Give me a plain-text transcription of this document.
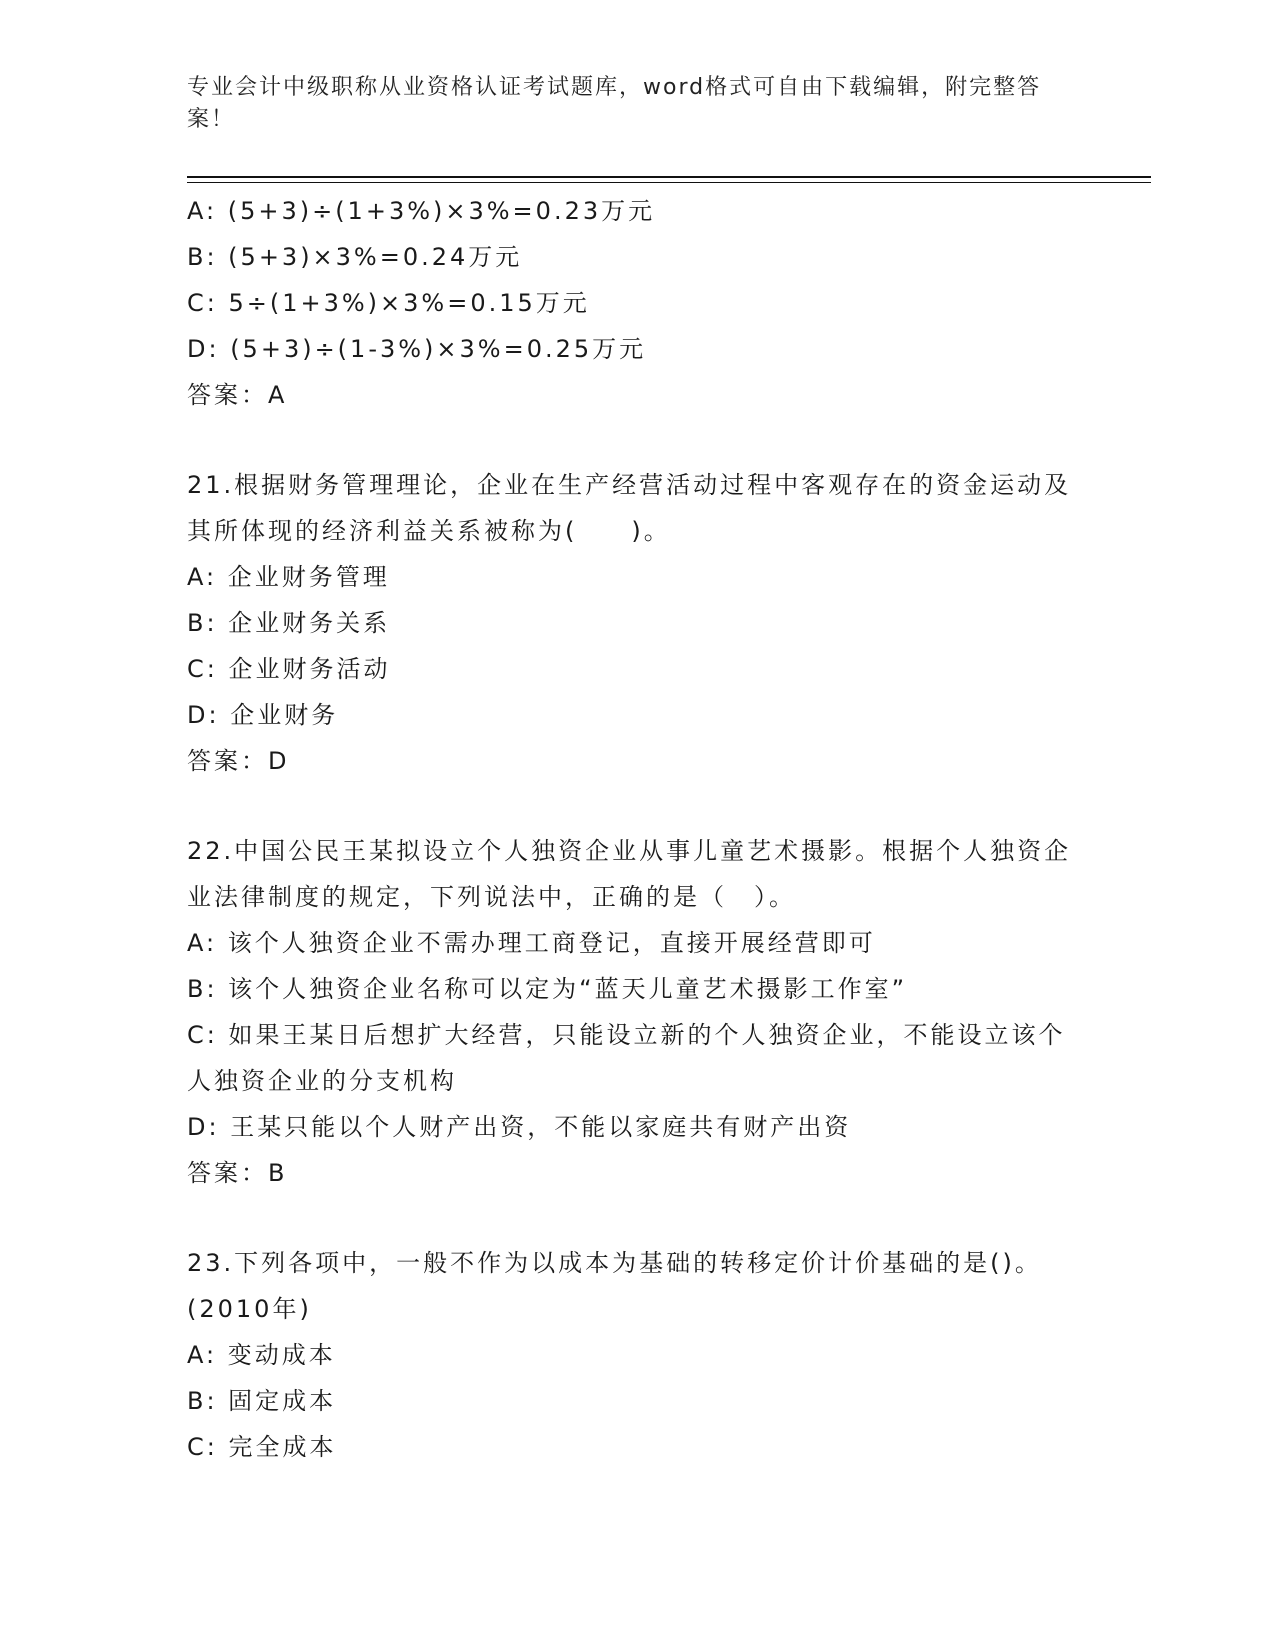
专业会计中级职称从业资格认证考试题库，word格式可自由下载编辑，附完整答案！
A: (5+3)÷(1+3%)×3%=0.23万元
B: (5+3)×3%=0.24万元
C: 5÷(1+3%)×3%=0.15万元
D: (5+3)÷(1-3%)×3%=0.25万元
答案：A
21.根据财务管理理论，企业在生产经营活动过程中客观存在的资金运动及其所体现的经济利益关系被称为(　　)。
A: 企业财务管理
B: 企业财务关系
C: 企业财务活动
D: 企业财务
答案：D
22.中国公民王某拟设立个人独资企业从事儿童艺术摄影。根据个人独资企业法律制度的规定，下列说法中，正确的是（　）。
A: 该个人独资企业不需办理工商登记，直接开展经营即可
B: 该个人独资企业名称可以定为“蓝天儿童艺术摄影工作室”
C: 如果王某日后想扩大经营，只能设立新的个人独资企业，不能设立该个人独资企业的分支机构
D: 王某只能以个人财产出资，不能以家庭共有财产出资
答案：B
23.下列各项中，一般不作为以成本为基础的转移定价计价基础的是()。(2010年)
A: 变动成本
B: 固定成本
C: 完全成本
